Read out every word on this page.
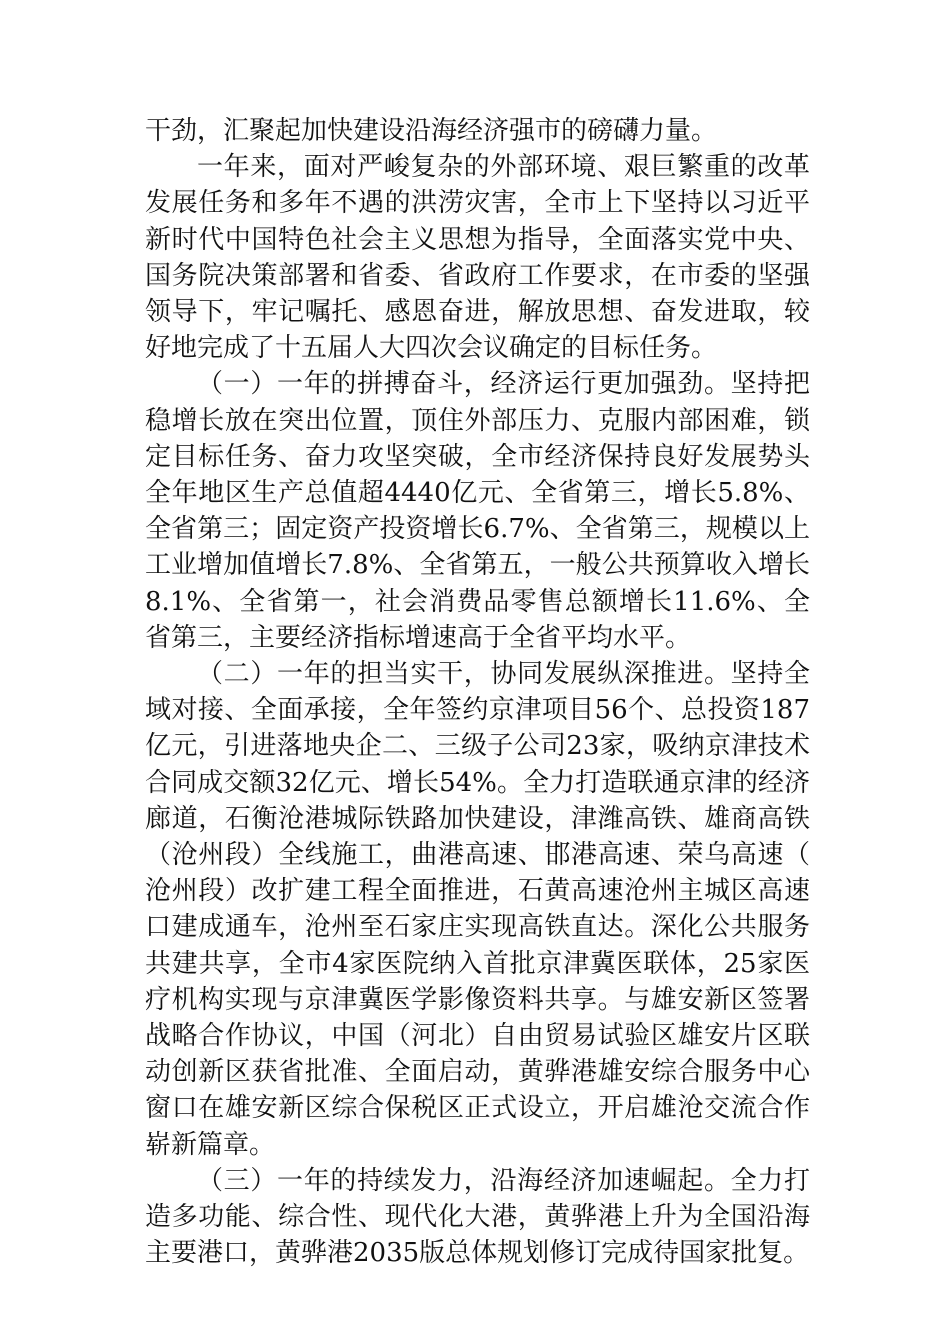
干劲，汇聚起加快建设沿海经济强市的磅礴力量。

一年来，面对严峻复杂的外部环境、艰巨繁重的改革发展任务和多年不遇的洪涝灾害，全市上下坚持以习近平新时代中国特色社会主义思想为指导，全面落实党中央、国务院决策部署和省委、省政府工作要求，在市委的坚强领导下，牢记嘱托、感恩奋进，解放思想、奋发进取，较好地完成了十五届人大四次会议确定的目标任务。

（一）一年的拼搏奋斗，经济运行更加强劲。坚持把稳增长放在突出位置，顶住外部压力、克服内部困难，锁定目标任务、奋力攻坚突破，全市经济保持良好发展势头全年地区生产总值超4440亿元、全省第三，增长5.8%、全省第三；固定资产投资增长6.7%、全省第三，规模以上工业增加值增长7.8%、全省第五，一般公共预算收入增长8.1%、全省第一，社会消费品零售总额增长11.6%、全省第三，主要经济指标增速高于全省平均水平。

（二）一年的担当实干，协同发展纵深推进。坚持全域对接、全面承接，全年签约京津项目56个、总投资187亿元，引进落地央企二、三级子公司23家，吸纳京津技术合同成交额32亿元、增长54%。全力打造联通京津的经济廊道，石衡沧港城际铁路加快建设，津潍高铁、雄商高铁（沧州段）全线施工，曲港高速、邯港高速、荣乌高速（沧州段）改扩建工程全面推进，石黄高速沧州主城区高速口建成通车，沧州至石家庄实现高铁直达。深化公共服务共建共享，全市4家医院纳入首批京津冀医联体，25家医疗机构实现与京津冀医学影像资料共享。与雄安新区签署战略合作协议，中国（河北）自由贸易试验区雄安片区联动创新区获省批准、全面启动，黄骅港雄安综合服务中心窗口在雄安新区综合保税区正式设立，开启雄沧交流合作崭新篇章。

（三）一年的持续发力，沿海经济加速崛起。全力打造多功能、综合性、现代化大港，黄骅港上升为全国沿海主要港口，黄骅港2035版总体规划修订完成待国家批复。
